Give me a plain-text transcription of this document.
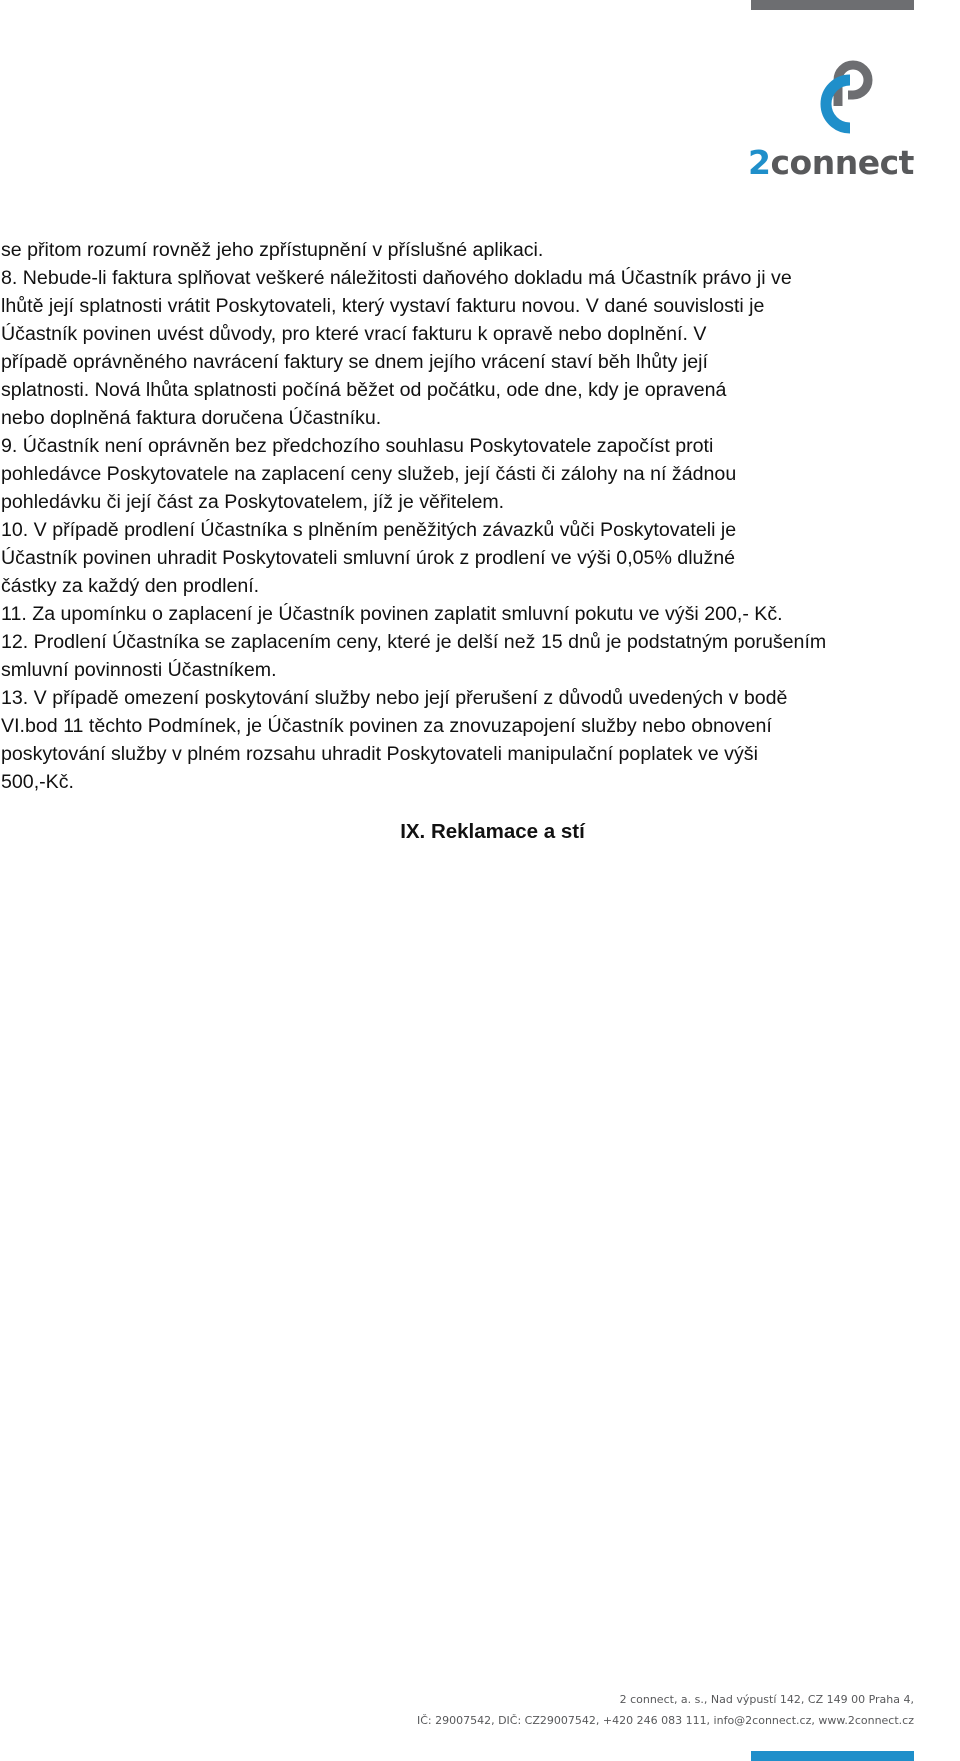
2connect

se přitom rozumí rovněž jeho zpřístupnění v příslušné aplikaci.

8. Nebude-li faktura splňovat veškeré náležitosti daňového dokladu má Účastník právo ji ve

lhůtě její splatnosti vrátit Poskytovateli, který vystaví fakturu novou. V dané souvislosti je

Účastník povinen uvést důvody, pro které vrací fakturu k opravě nebo doplnění. V

případě oprávněného navrácení faktury se dnem jejího vrácení staví běh lhůty její

splatnosti. Nová lhůta splatnosti počíná běžet od počátku, ode dne, kdy je opravená

nebo doplněná faktura doručena Účastníku.

9. Účastník není oprávněn bez předchozího souhlasu Poskytovatele započíst proti

pohledávce Poskytovatele na zaplacení ceny služeb, její části či zálohy na ní žádnou

pohledávku či její část za Poskytovatelem, jíž je věřitelem.

10. V případě prodlení Účastníka s plněním peněžitých závazků vůči Poskytovateli je

Účastník povinen uhradit Poskytovateli smluvní úrok z prodlení ve výši 0,05% dlužné

částky za každý den prodlení.

11. Za upomínku o zaplacení je Účastník povinen zaplatit smluvní pokutu ve výši 200,- Kč.

12. Prodlení Účastníka se zaplacením ceny, které je delší než 15 dnů je podstatným porušením

smluvní povinnosti Účastníkem.

13. V případě omezení poskytování služby nebo její přerušení z důvodů uvedených v bodě

VI.bod 11 těchto Podmínek, je Účastník povinen za znovuzapojení služby nebo obnovení

poskytování služby v plném rozsahu uhradit Poskytovateli manipulační poplatek ve výši

500,-Kč.

IX. Reklamace a stí

2 connect, a. s., Nad výpustí 142, CZ 149 00 Praha 4,

IČ: 29007542, DIČ: CZ29007542, +420 246 083 111, info@2connect.cz, www.2connect.cz
